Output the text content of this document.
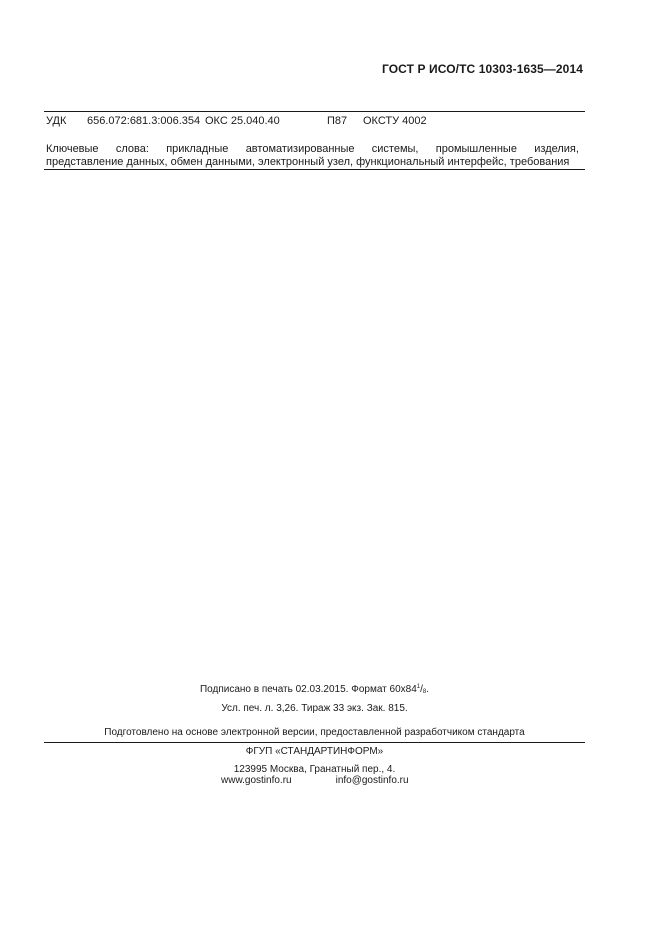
ГОСТ Р ИСО/ТС 10303-1635—2014
УДК 656.072:681.3:006.354 ОКС 25.040.40	П87 ОКСТУ 4002
Ключевые слова: прикладные автоматизированные системы, промышленные изделия,
представление данных, обмен данными, электронный узел, функциональный интерфейс, требования
Подписано в печать 02.03.2015. Формат $60x84^1/_8$.
Усл. печ. л. 3,26. Тираж 33 экз. Зак. 815.
Подготовлено на основе электронной версии, предоставленной разработчиком стандарта
ФГУП «СТАНДАРТИНФОРМ»
123995 Москва, Гранатный пер., 4.
www.gostinfo.ru	info@gostinfo.ru
